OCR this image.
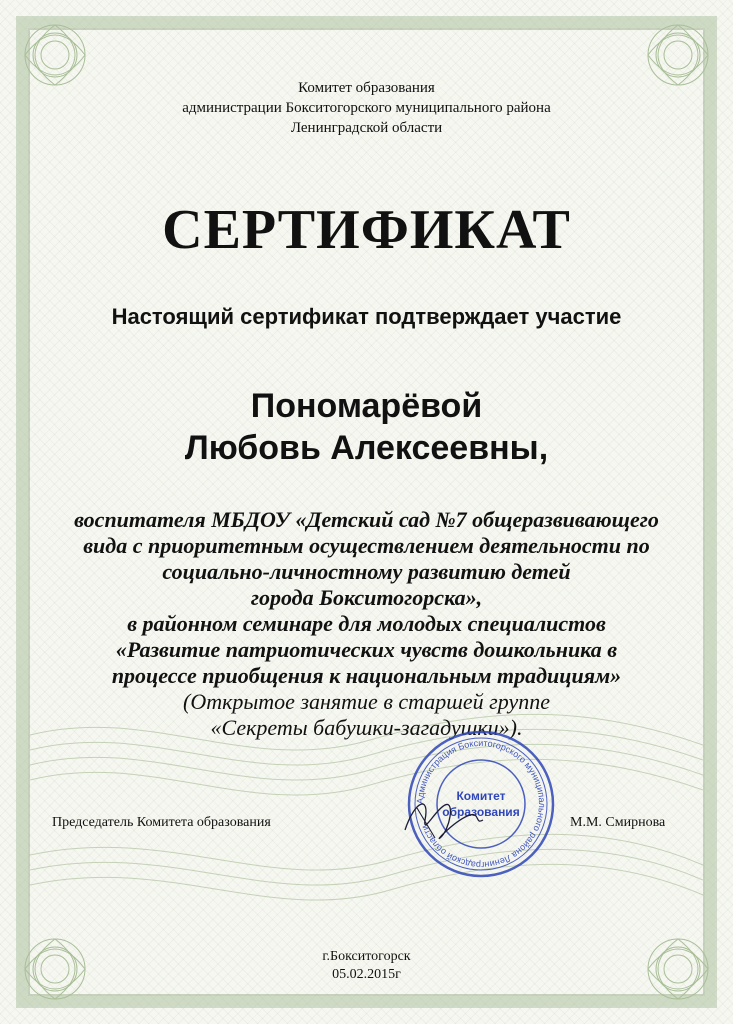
Комитет образования
администрации Бокситогорского муниципального района
Ленинградской области
СЕРТИФИКАТ
Настоящий сертификат подтверждает участие
Пономарёвой
Любовь Алексеевны,
воспитателя МБДОУ «Детский сад №7 общеразвивающего
вида с приоритетным осуществлением деятельности по
социально-личностному развитию детей
города Бокситогорска»,
в районном семинаре для молодых специалистов
«Развитие патриотических чувств дошкольника в
процессе приобщения к национальным традициям»
(Открытое занятие в старшей группе
«Секреты бабушки-загадушки»).
Администрация Бокситогорского муниципального района Ленинградской области
Комитет
образования
Председатель Комитета образования	М.М. Смирнова
г.Бокситогорск
05.02.2015г
